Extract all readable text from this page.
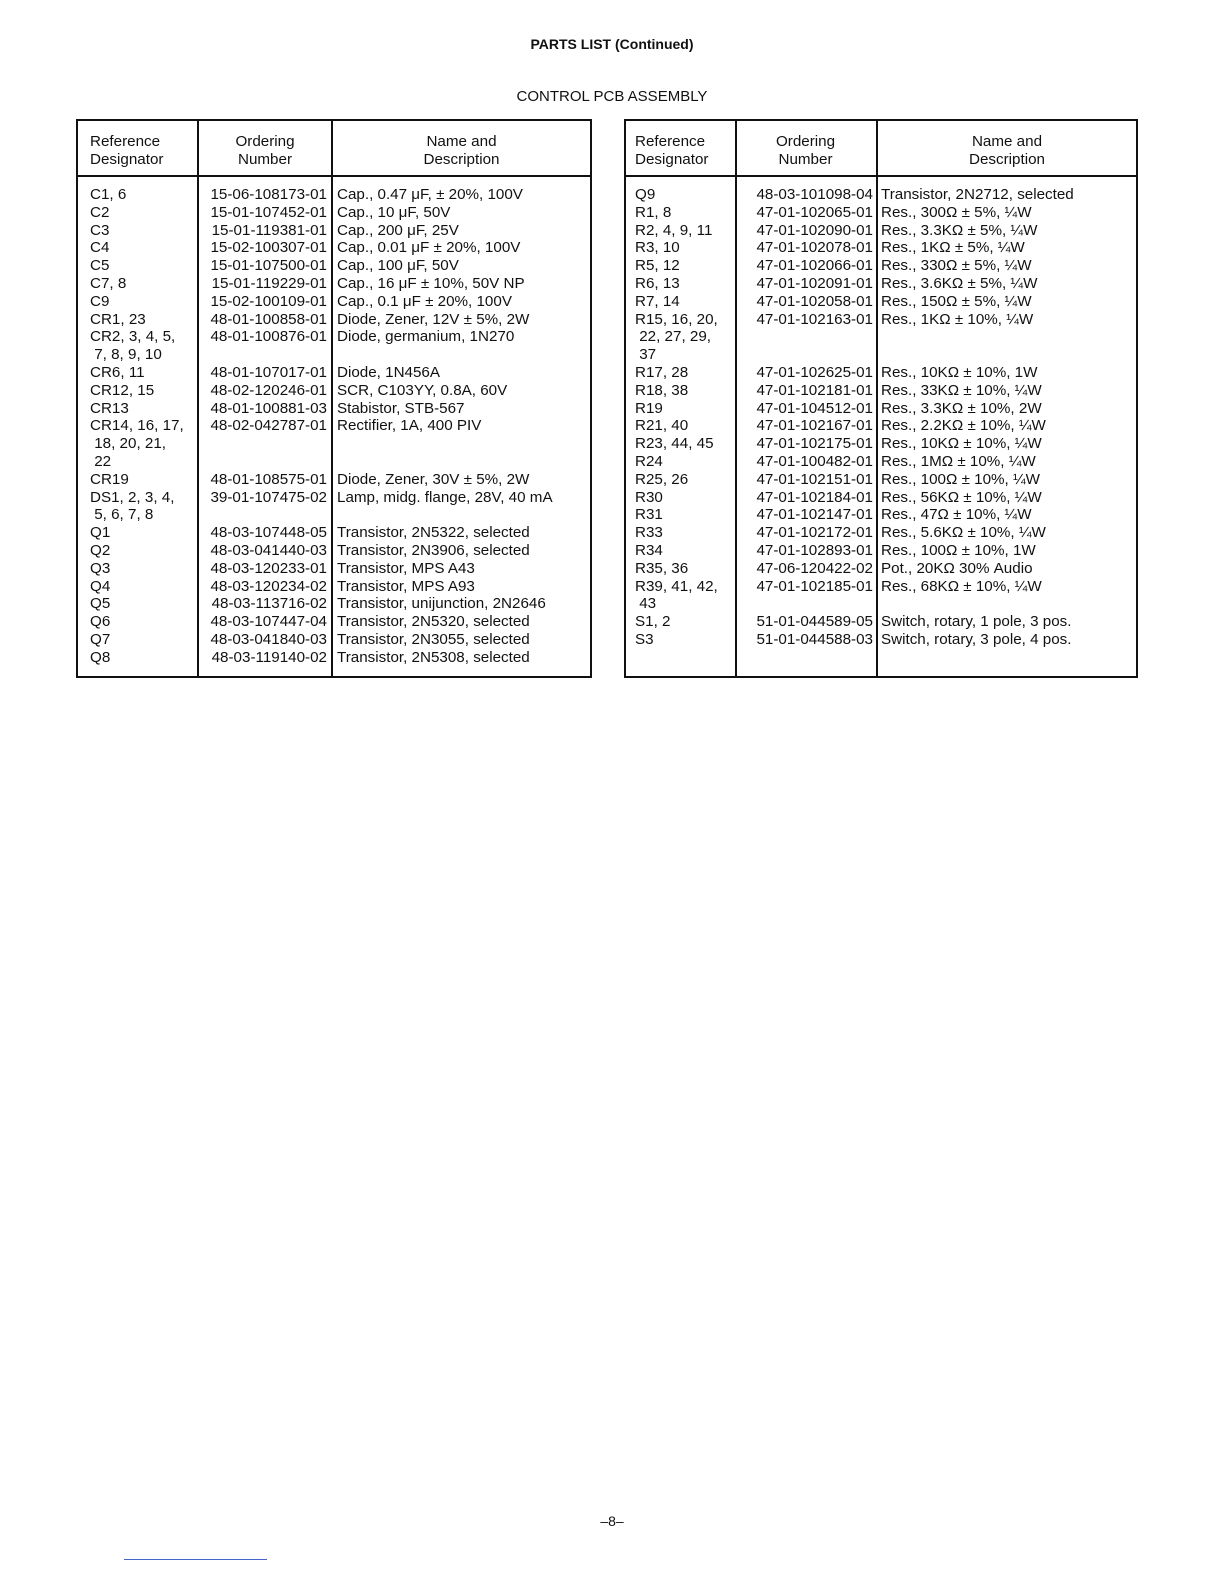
PARTS LIST (Continued)
CONTROL PCB ASSEMBLY
Reference
Designator
Ordering
Number
Name and
Description
C1, 6	15-06-108173-01 Cap., 0.47 μF, ± 20%, 100V
C2	15-01-107452-01 Cap., 10 μF, 50V
C3	15-01-119381-01 Cap., 200 μF, 25V
C4	15-02-100307-01 Cap., 0.01 μF ± 20%, 100V
C5	15-01-107500-01 Cap., 100 μF, 50V
C7, 8	15-01-119229-01 Cap., 16 μF ± 10%, 50V NP
C9	15-02-100109-01 Cap., 0.1 μF ± 20%, 100V
CR1, 23	48-01-100858-01 Diode, Zener, 12V ± 5%, 2W
CR2, 3, 4, 5,
7, 8, 9, 10
48-01-100876-01 Diode, germanium, 1N270
CR6, 11	48-01-107017-01 Diode, 1N456A
CR12, 15	48-02-120246-01 SCR, C103YY, 0.8A, 60V
CR13	48-01-100881-03 Stabistor, STB-567
CR14, 16, 17,
18, 20, 21,
22
48-02-042787-01 Rectifier, 1A, 400 PIV
CR19	48-01-108575-01 Diode, Zener, 30V ± 5%, 2W
DS1, 2, 3, 4,
5, 6, 7, 8
39-01-107475-02 Lamp, midg. flange, 28V, 40 mA
Q1	48-03-107448-05 Transistor, 2N5322, selected
Q2	48-03-041440-03 Transistor, 2N3906, selected
Q3	48-03-120233-01 Transistor, MPS A43
Q4	48-03-120234-02 Transistor, MPS A93
Q5	48-03-113716-02 Transistor, unijunction, 2N2646
Q6	48-03-107447-04 Transistor, 2N5320, selected
Q7	48-03-041840-03 Transistor, 2N3055, selected
Q8	48-03-119140-02 Transistor, 2N5308, selected
Reference
Designator
Ordering
Number
Name and
Description
Q9	48-03-101098-04 Transistor, 2N2712, selected
R1, 8	47-01-102065-01 Res., 300Ω ± 5%, ¼W
R2, 4, 9, 11	47-01-102090-01 Res., 3.3KΩ ± 5%, ¼W
R3, 10	47-01-102078-01 Res., 1KΩ ± 5%, ¼W
R5, 12	47-01-102066-01 Res., 330Ω ± 5%, ¼W
R6, 13	47-01-102091-01 Res., 3.6KΩ ± 5%, ¼W
R7, 14	47-01-102058-01 Res., 150Ω ± 5%, ¼W
R15, 16, 20,
22, 27, 29,
37
47-01-102163-01 Res., 1KΩ ± 10%, ¼W
R17, 28	47-01-102625-01 Res., 10KΩ ± 10%, 1W
R18, 38	47-01-102181-01 Res., 33KΩ ± 10%, ¼W
R19	47-01-104512-01 Res., 3.3KΩ ± 10%, 2W
R21, 40	47-01-102167-01 Res., 2.2KΩ ± 10%, ¼W
R23, 44, 45	47-01-102175-01 Res., 10KΩ ± 10%, ¼W
R24	47-01-100482-01 Res., 1MΩ ± 10%, ¼W
R25, 26	47-01-102151-01 Res., 100Ω ± 10%, ¼W
R30	47-01-102184-01 Res., 56KΩ ± 10%, ¼W
R31	47-01-102147-01 Res., 47Ω ± 10%, ¼W
R33	47-01-102172-01 Res., 5.6KΩ ± 10%, ¼W
R34	47-01-102893-01 Res., 100Ω ± 10%, 1W
R35, 36	47-06-120422-02 Pot., 20KΩ 30% Audio
R39, 41, 42,
43
47-01-102185-01 Res., 68KΩ ± 10%, ¼W
S1, 2	51-01-044589-05 Switch, rotary, 1 pole, 3 pos.
S3	51-01-044588-03 Switch, rotary, 3 pole, 4 pos.
–8–
